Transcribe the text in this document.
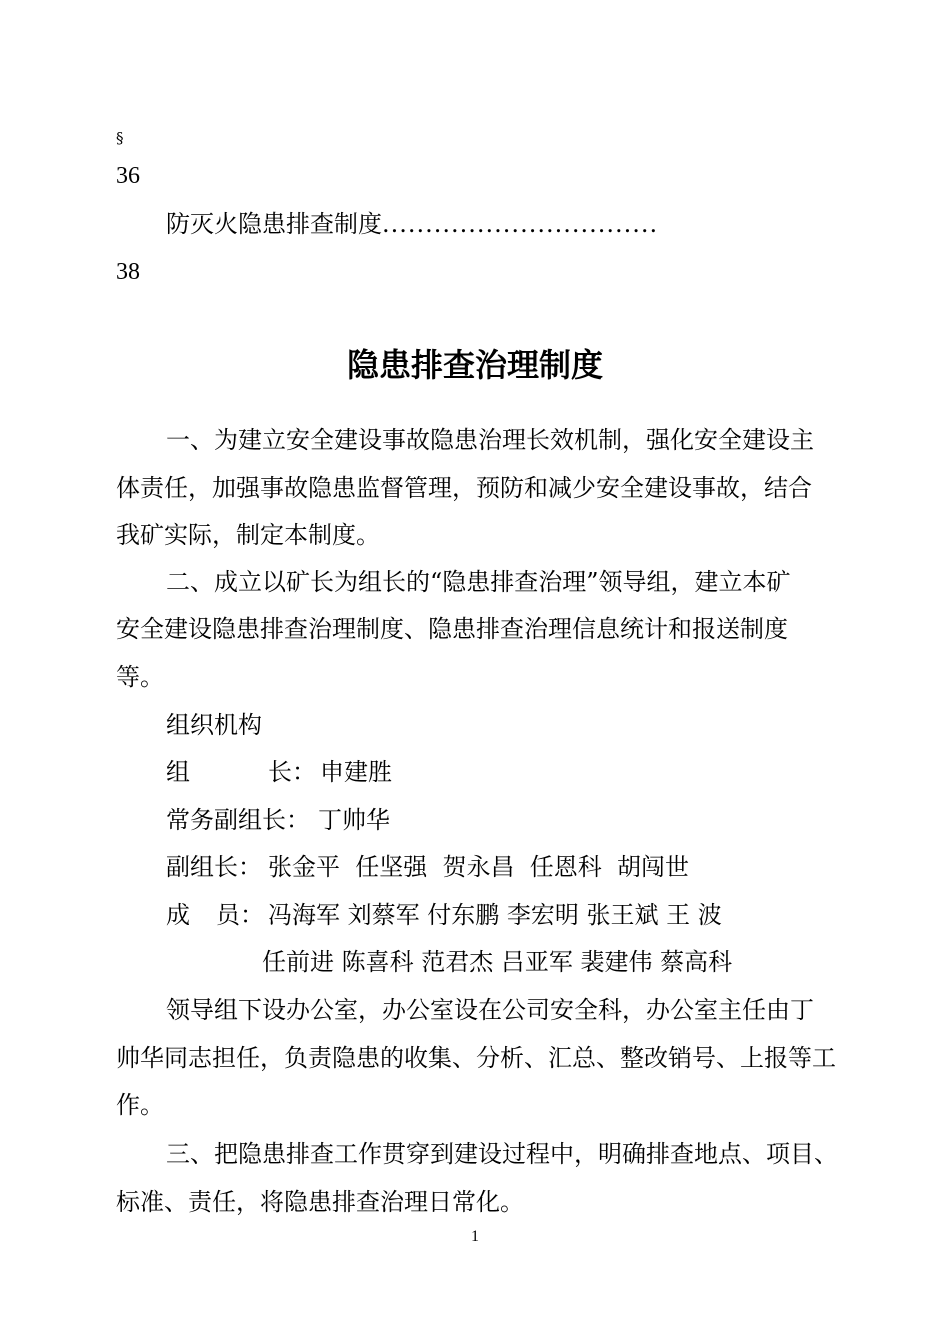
§
36
防灭火隐患排查制度................................
38
隐患排查治理制度
一、为建立安全建设事故隐患治理长效机制，强化安全建设主
体责任，加强事故隐患监督管理，预防和减少安全建设事故，结合
我矿实际，制定本制度。
二、成立以矿长为组长的“隐患排查治理”领导组，建立本矿
安全建设隐患排查治理制度、隐患排查治理信息统计和报送制度
等。
组织机构
组	长： 申建胜
常务副组长： 丁帅华
副组长： 张金平  任坚强  贺永昌  任恩科  胡闯世
成 员： 冯海军 刘蔡军 付东鹏 李宏明 张王斌 王 波
任前进 陈喜科 范君杰 吕亚军 裴建伟 蔡高科
领导组下设办公室，办公室设在公司安全科，办公室主任由丁
帅华同志担任，负责隐患的收集、分析、汇总、整改销号、上报等工
作。
三、把隐患排查工作贯穿到建设过程中，明确排查地点、项目、
标准、责任，将隐患排查治理日常化。
1
